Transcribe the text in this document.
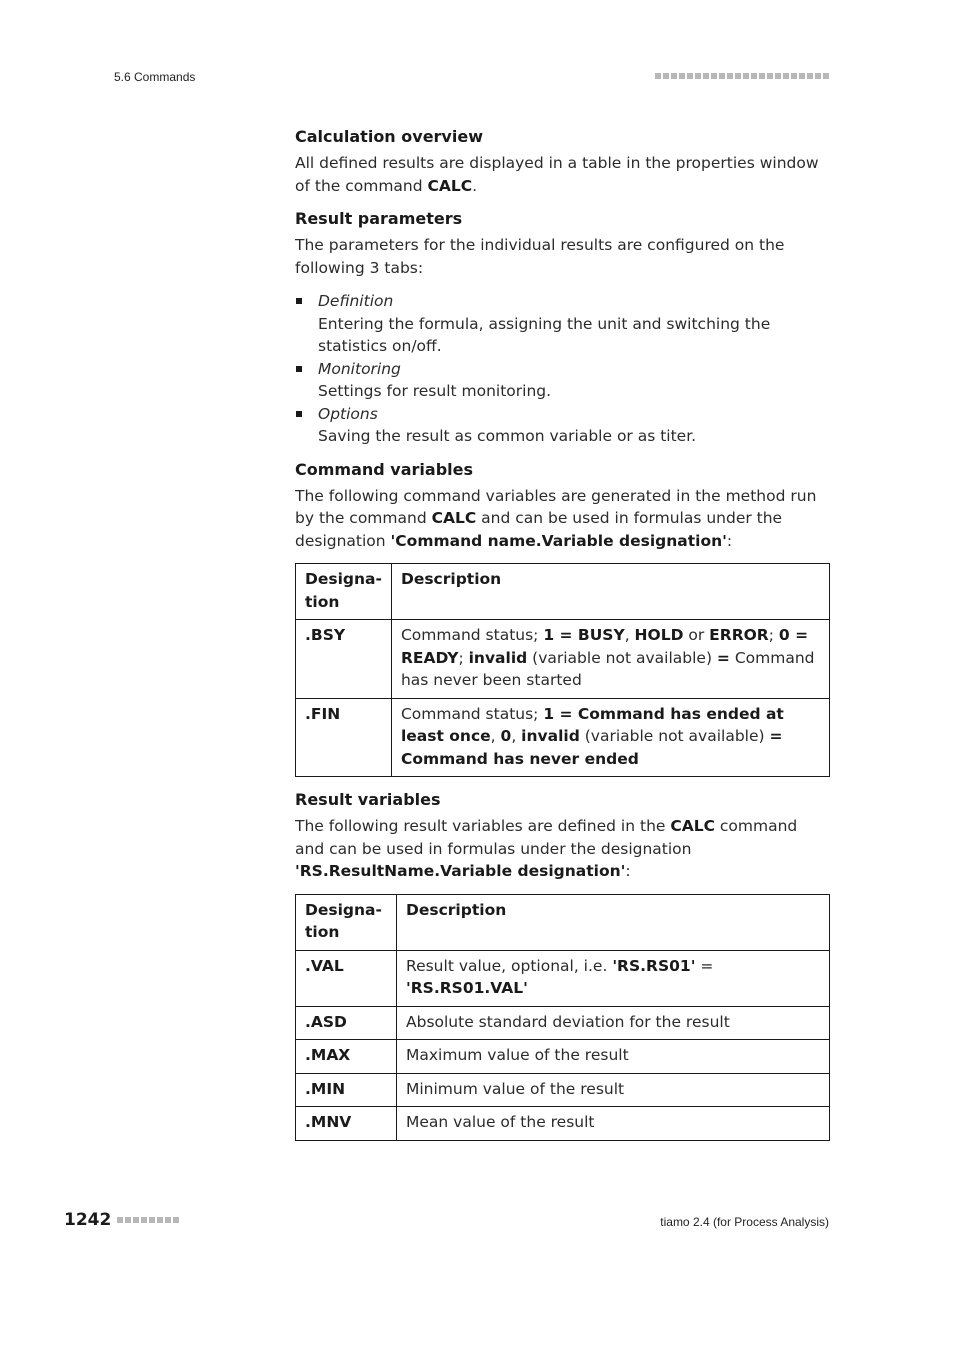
5.6 Commands
Calculation overview

All defined results are displayed in a table in the properties window of the command CALC.

Result parameters

The parameters for the individual results are configured on the following 3 tabs:

Definition
Entering the formula, assigning the unit and switching the statistics on/off.
Monitoring
Settings for result monitoring.
Options
Saving the result as common variable or as titer.
Command variables

The following command variables are generated in the method run by the command CALC and can be used in formulas under the designation 'Command name.Variable designation':

Designa-tion	Description
.BSY	Command status; 1 = BUSY, HOLD or ERROR; 0 = READY; invalid (variable not available) = Command has never been started
.FIN	Command status; 1 = Command has ended at least once, 0, invalid (variable not available) = Command has never ended
Result variables

The following result variables are defined in the CALC command and can be used in formulas under the designation 'RS.ResultName.Variable designation':

Designa-tion	Description
.VAL	Result value, optional, i.e. 'RS.RS01' = 'RS.RS01.VAL'
.ASD	Absolute standard deviation for the result
.MAX	Maximum value of the result
.MIN	Minimum value of the result
.MNV	Mean value of the result
1242	tiamo 2.4 (for Process Analysis)
